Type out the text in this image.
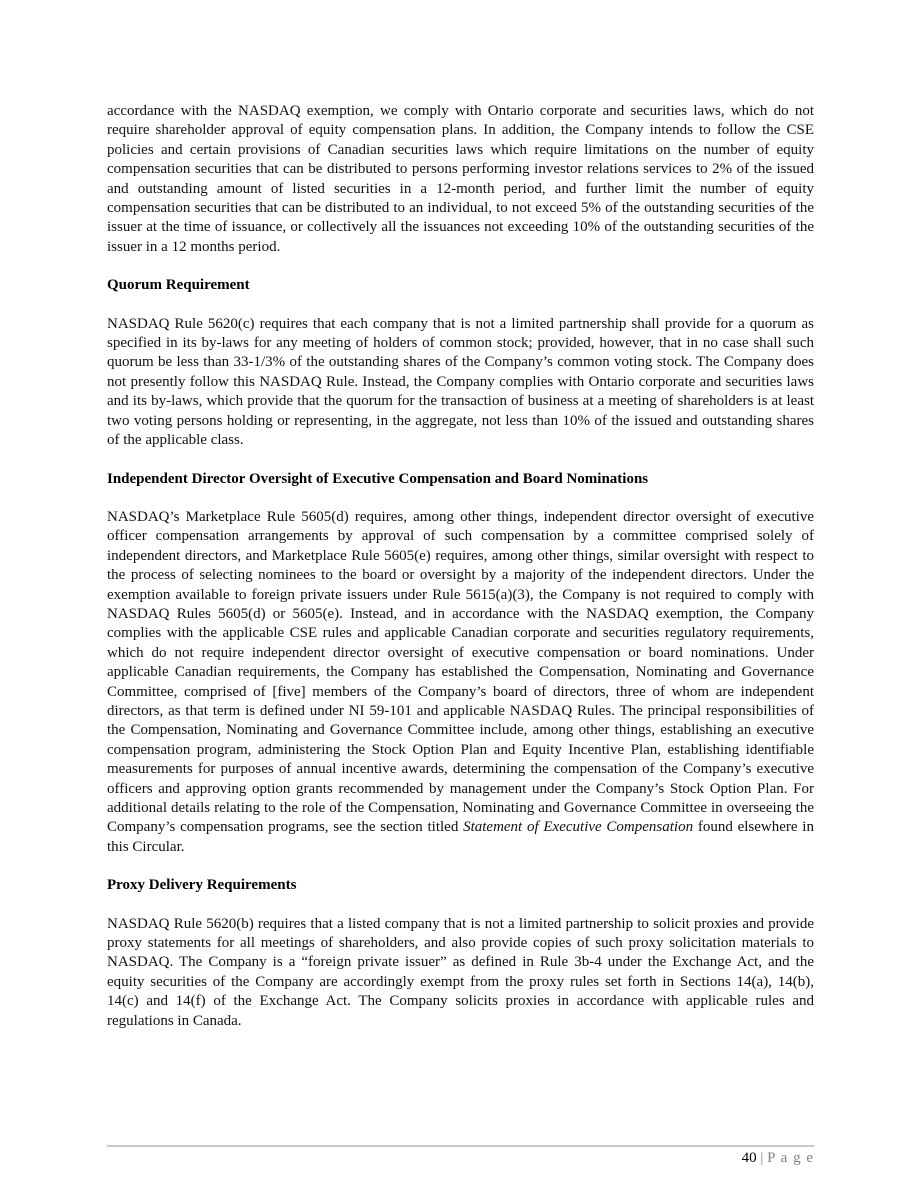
accordance with the NASDAQ exemption, we comply with Ontario corporate and securities laws, which do not require shareholder approval of equity compensation plans. In addition, the Company intends to follow the CSE policies and certain provisions of Canadian securities laws which require limitations on the number of equity compensation securities that can be distributed to persons performing investor relations services to 2% of the issued and outstanding amount of listed securities in a 12-month period, and further limit the number of equity compensation securities that can be distributed to an individual, to not exceed 5% of the outstanding securities of the issuer at the time of issuance, or collectively all the issuances not exceeding 10% of the outstanding securities of the issuer in a 12 months period.

Quorum Requirement

NASDAQ Rule 5620(c) requires that each company that is not a limited partnership shall provide for a quorum as specified in its by-laws for any meeting of holders of common stock; provided, however, that in no case shall such quorum be less than 33-1/3% of the outstanding shares of the Company’s common voting stock. The Company does not presently follow this NASDAQ Rule. Instead, the Company complies with Ontario corporate and securities laws and its by-laws, which provide that the quorum for the transaction of business at a meeting of shareholders is at least two voting persons holding or representing, in the aggregate, not less than 10% of the issued and outstanding shares of the applicable class.

Independent Director Oversight of Executive Compensation and Board Nominations

NASDAQ’s Marketplace Rule 5605(d) requires, among other things, independent director oversight of executive officer compensation arrangements by approval of such compensation by a committee comprised solely of independent directors, and Marketplace Rule 5605(e) requires, among other things, similar oversight with respect to the process of selecting nominees to the board or oversight by a majority of the independent directors. Under the exemption available to foreign private issuers under Rule 5615(a)(3), the Company is not required to comply with NASDAQ Rules 5605(d) or 5605(e). Instead, and in accordance with the NASDAQ exemption, the Company complies with the applicable CSE rules and applicable Canadian corporate and securities regulatory requirements, which do not require independent director oversight of executive compensation or board nominations. Under applicable Canadian requirements, the Company has established the Compensation, Nominating and Governance Committee, comprised of [five] members of the Company’s board of directors, three of whom are independent directors, as that term is defined under NI 59-101 and applicable NASDAQ Rules. The principal responsibilities of the Compensation, Nominating and Governance Committee include, among other things, establishing an executive compensation program, administering the Stock Option Plan and Equity Incentive Plan, establishing identifiable measurements for purposes of annual incentive awards, determining the compensation of the Company’s executive officers and approving option grants recommended by management under the Company’s Stock Option Plan. For additional details relating to the role of the Compensation, Nominating and Governance Committee in overseeing the Company’s compensation programs, see the section titled Statement of Executive Compensation found elsewhere in this Circular.

Proxy Delivery Requirements

NASDAQ Rule 5620(b) requires that a listed company that is not a limited partnership to solicit proxies and provide proxy statements for all meetings of shareholders, and also provide copies of such proxy solicitation materials to NASDAQ. The Company is a “foreign private issuer” as defined in Rule 3b-4 under the Exchange Act, and the equity securities of the Company are accordingly exempt from the proxy rules set forth in Sections 14(a), 14(b), 14(c) and 14(f) of the Exchange Act. The Company solicits proxies in accordance with applicable rules and regulations in Canada.

40 | P a g e
